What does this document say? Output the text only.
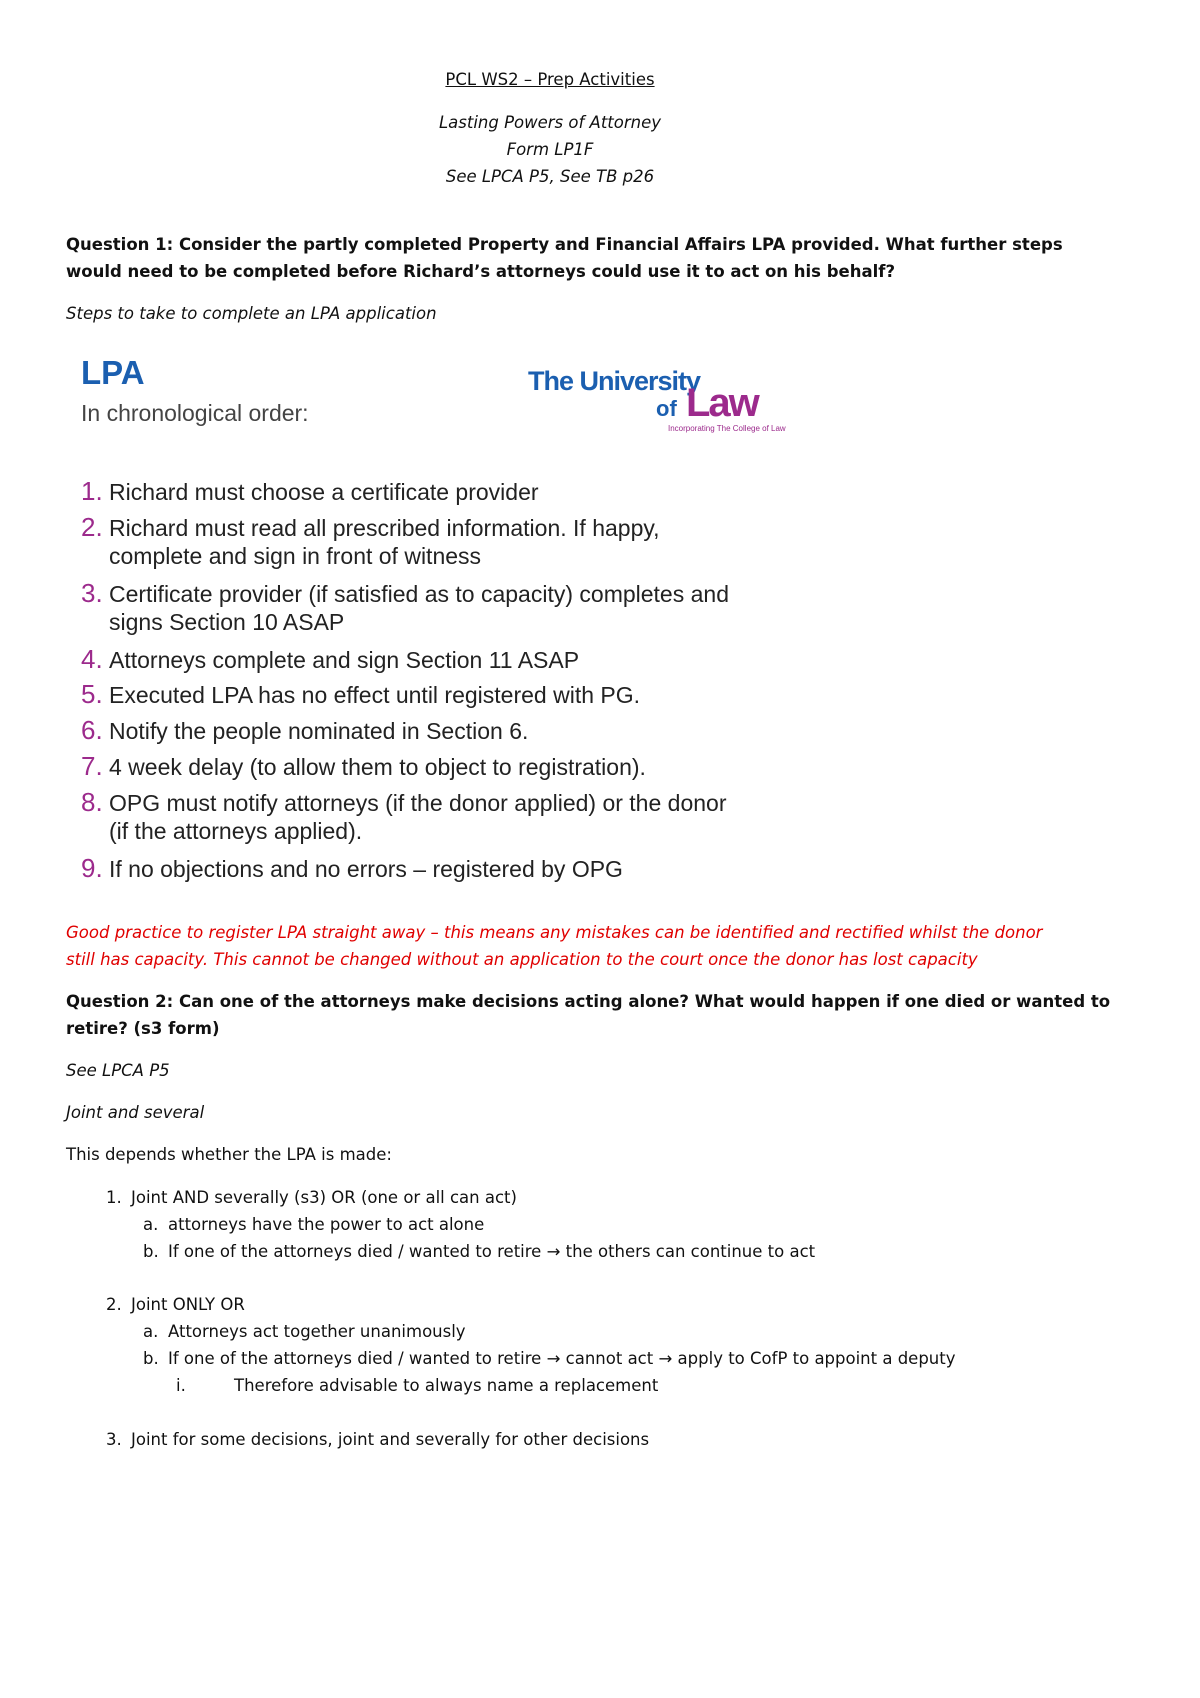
PCL WS2 – Prep Activities
Lasting Powers of Attorney
Form LP1F
See LPCA P5, See TB p26
Question 1: Consider the partly completed Property and Financial Affairs LPA provided. What further steps
would need to be completed before Richard’s attorneys could use it to act on his behalf?
Steps to take to complete an LPA application
LPA
In chronological order:
The University
of Law
Incorporating The College of Law
1. Richard must choose a certificate provider
2. Richard must read all prescribed information. If happy,
complete and sign in front of witness
3. Certificate provider (if satisfied as to capacity) completes and
signs Section 10 ASAP
4. Attorneys complete and sign Section 11 ASAP
5. Executed LPA has no effect until registered with PG.
6. Notify the people nominated in Section 6.
7. 4 week delay (to allow them to object to registration).
8. OPG must notify attorneys (if the donor applied) or the donor
(if the attorneys applied).
9. If no objections and no errors – registered by OPG
Good practice to register LPA straight away – this means any mistakes can be identified and rectified whilst the donor
still has capacity. This cannot be changed without an application to the court once the donor has lost capacity
Question 2: Can one of the attorneys make decisions acting alone? What would happen if one died or wanted to
retire? (s3 form)
See LPCA P5
Joint and several
This depends whether the LPA is made:
1. Joint AND severally (s3) OR (one or all can act)
a. attorneys have the power to act alone
b. If one of the attorneys died / wanted to retire → the others can continue to act
2. Joint ONLY OR
a. Attorneys act together unanimously
b. If one of the attorneys died / wanted to retire → cannot act → apply to CofP to appoint a deputy
i.	Therefore advisable to always name a replacement
3. Joint for some decisions, joint and severally for other decisions
